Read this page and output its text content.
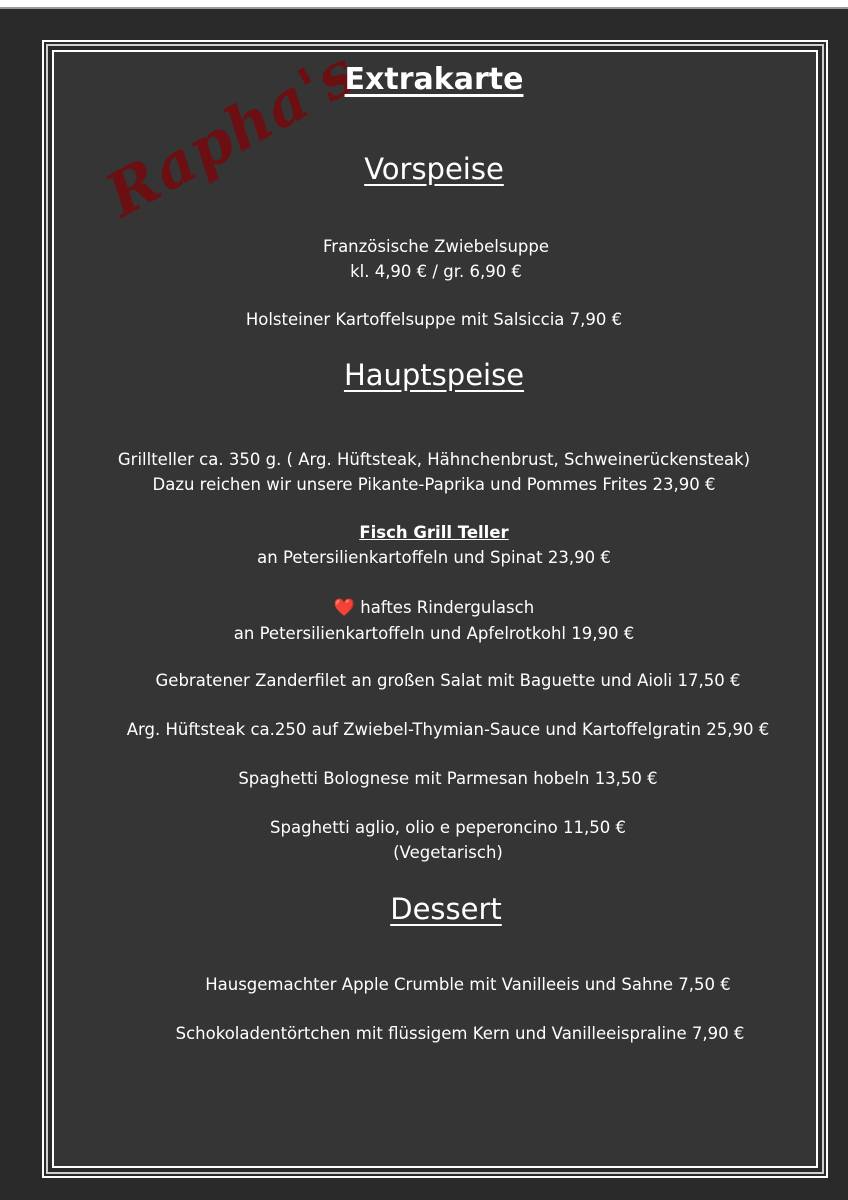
Rapha's
Extrakarte
Vorspeise
Französische Zwiebelsuppe
kl. 4,90 € / gr. 6,90 €
Holsteiner Kartoffelsuppe mit Salsiccia 7,90 €
Hauptspeise
Grillteller ca. 350 g. ( Arg. Hüftsteak, Hähnchenbrust, Schweinerückensteak)
Dazu reichen wir unsere Pikante-Paprika und Pommes Frites 23,90 €
Fisch Grill Teller
an Petersilienkartoffeln und Spinat 23,90 €
❤️ haftes Rindergulasch
an Petersilienkartoffeln und Apfelrotkohl 19,90 €
Gebratener Zanderfilet an großen Salat mit Baguette und Aioli 17,50 €
Arg. Hüftsteak ca.250 auf Zwiebel-Thymian-Sauce und Kartoffelgratin 25,90 €
Spaghetti Bolognese mit Parmesan hobeln 13,50 €
Spaghetti aglio, olio e peperoncino 11,50 €
(Vegetarisch)
Dessert
Hausgemachter Apple Crumble mit Vanilleeis und Sahne 7,50 €
Schokoladentörtchen mit flüssigem Kern und Vanilleeispraline 7,90 €
